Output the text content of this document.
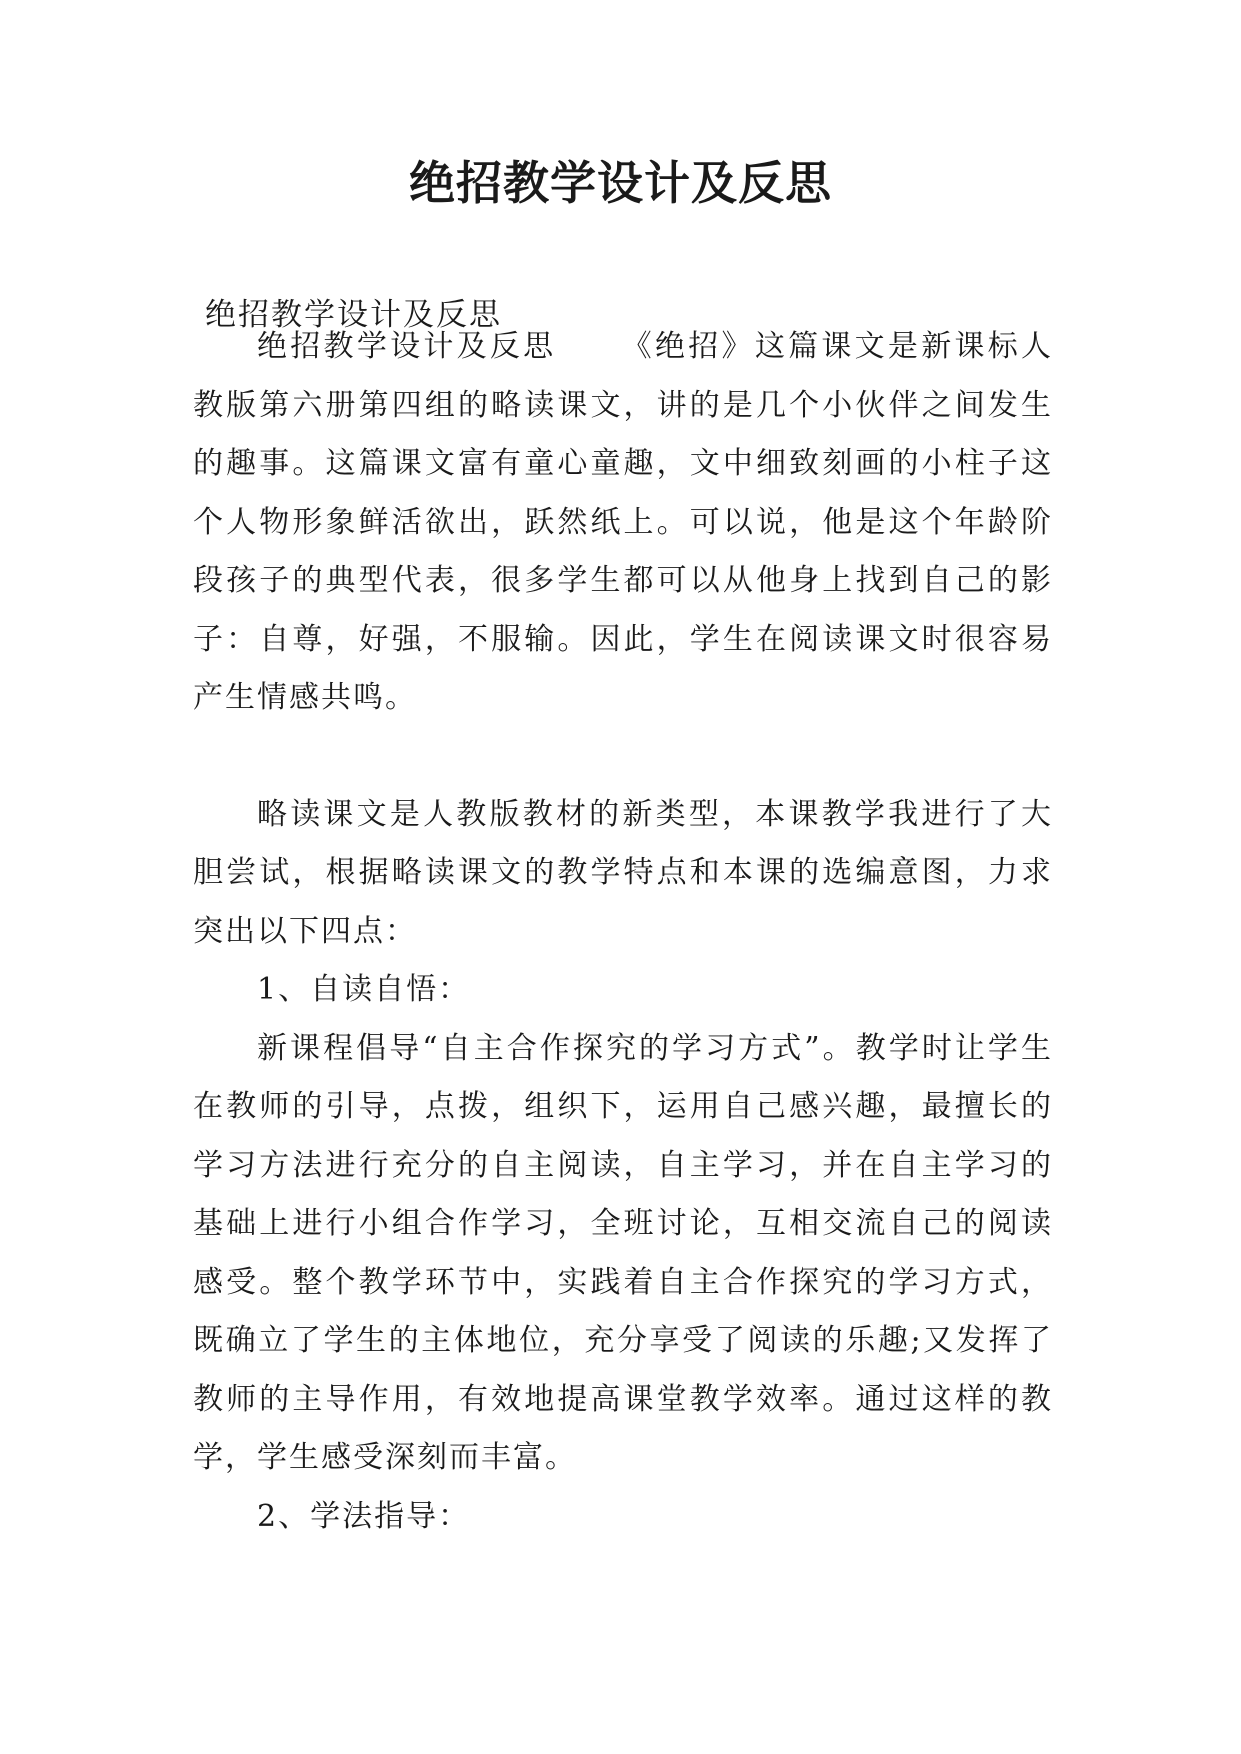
绝招教学设计及反思
绝招教学设计及反思

绝招教学设计及反思 《绝招》这篇课文是新课标人教版第六册第四组的略读课文，讲的是几个小伙伴之间发生的趣事。这篇课文富有童心童趣，文中细致刻画的小柱子这个人物形象鲜活欲出，跃然纸上。可以说，他是这个年龄阶段孩子的典型代表，很多学生都可以从他身上找到自己的影子：自尊，好强，不服输。因此，学生在阅读课文时很容易产生情感共鸣。

略读课文是人教版教材的新类型，本课教学我进行了大胆尝试，根据略读课文的教学特点和本课的选编意图，力求突出以下四点：

1、自读自悟：

新课程倡导“自主合作探究的学习方式”。教学时让学生在教师的引导，点拨，组织下，运用自己感兴趣，最擅长的学习方法进行充分的自主阅读，自主学习，并在自主学习的基础上进行小组合作学习，全班讨论，互相交流自己的阅读感受。整个教学环节中，实践着自主合作探究的学习方式，既确立了学生的主体地位，充分享受了阅读的乐趣;又发挥了教师的主导作用，有效地提高课堂教学效率。通过这样的教学，学生感受深刻而丰富。

2、学法指导：
